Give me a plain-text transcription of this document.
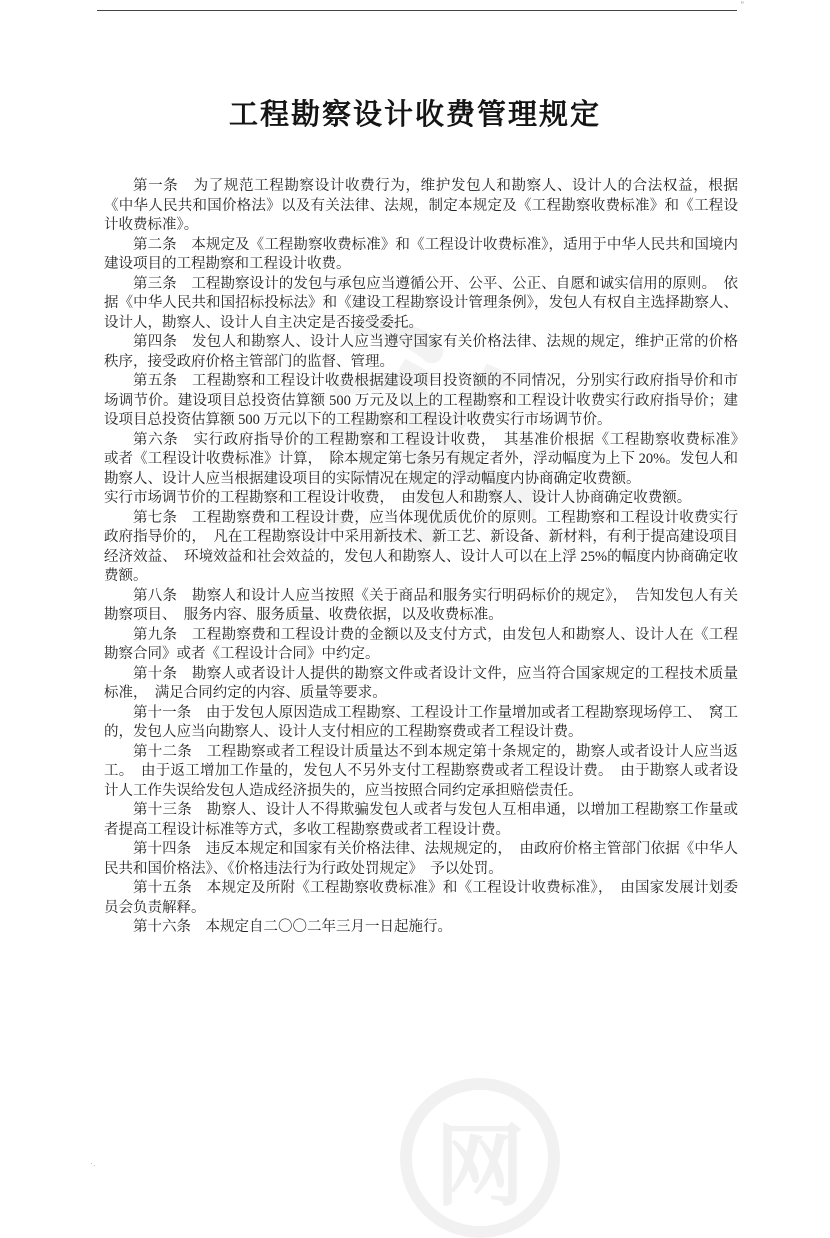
网
''
工程勘察设计收费管理规定

第一条　为了规范工程勘察设计收费行为，维护发包人和勘察人、设计人的合法权益，根据《中华人民共和国价格法》以及有关法律、法规，制定本规定及《工程勘察收费标准》和《工程设计收费标准》。

第二条　本规定及《工程勘察收费标准》和《工程设计收费标准》，适用于中华人民共和国境内建设项目的工程勘察和工程设计收费。

第三条　工程勘察设计的发包与承包应当遵循公开、公平、公正、自愿和诚实信用的原则。　依据《中华人民共和国招标投标法》和《建设工程勘察设计管理条例》，发包人有权自主选择勘察人、设计人，勘察人、设计人自主决定是否接受委托。

第四条　发包人和勘察人、设计人应当遵守国家有关价格法律、法规的规定，维护正常的价格秩序，接受政府价格主管部门的监督、管理。

第五条　工程勘察和工程设计收费根据建设项目投资额的不同情况，分别实行政府指导价和市场调节价。建设项目总投资估算额 500 万元及以上的工程勘察和工程设计收费实行政府指导价；建设项目总投资估算额 500 万元以下的工程勘察和工程设计收费实行市场调节价。

第六条　实行政府指导价的工程勘察和工程设计收费，　其基准价根据《工程勘察收费标准》　或者《工程设计收费标准》计算，　除本规定第七条另有规定者外，浮动幅度为上下 20%。发包人和勘察人、设计人应当根据建设项目的实际情况在规定的浮动幅度内协商确定收费额。

实行市场调节价的工程勘察和工程设计收费，　由发包人和勘察人、设计人协商确定收费额。

第七条　工程勘察费和工程设计费，应当体现优质优价的原则。工程勘察和工程设计收费实行政府指导价的，　凡在工程勘察设计中采用新技术、新工艺、新设备、新材料，有利于提高建设项目经济效益、　环境效益和社会效益的，发包人和勘察人、设计人可以在上浮 25%的幅度内协商确定收费额。

第八条　勘察人和设计人应当按照《关于商品和服务实行明码标价的规定》，　告知发包人有关勘察项目、　服务内容、服务质量、收费依据，以及收费标准。

第九条　工程勘察费和工程设计费的金额以及支付方式，由发包人和勘察人、设计人在《工程勘察合同》或者《工程设计合同》中约定。

第十条　勘察人或者设计人提供的勘察文件或者设计文件，应当符合国家规定的工程技术质量标准，　满足合同约定的内容、质量等要求。

第十一条　由于发包人原因造成工程勘察、工程设计工作量增加或者工程勘察现场停工、　窝工的，发包人应当向勘察人、设计人支付相应的工程勘察费或者工程设计费。

第十二条　工程勘察或者工程设计质量达不到本规定第十条规定的，勘察人或者设计人应当返工。　由于返工增加工作量的，发包人不另外支付工程勘察费或者工程设计费。　由于勘察人或者设计人工作失误给发包人造成经济损失的，应当按照合同约定承担赔偿责任。

第十三条　勘察人、设计人不得欺骗发包人或者与发包人互相串通，以增加工程勘察工作量或者提高工程设计标准等方式，多收工程勘察费或者工程设计费。

第十四条　违反本规定和国家有关价格法律、法规规定的，　由政府价格主管部门依据《中华人民共和国价格法》、《价格违法行为行政处罚规定》　予以处罚。

第十五条　本规定及所附《工程勘察收费标准》和《工程设计收费标准》，　由国家发展计划委员会负责解释。

第十六条　本规定自二〇〇二年三月一日起施行。

·.
